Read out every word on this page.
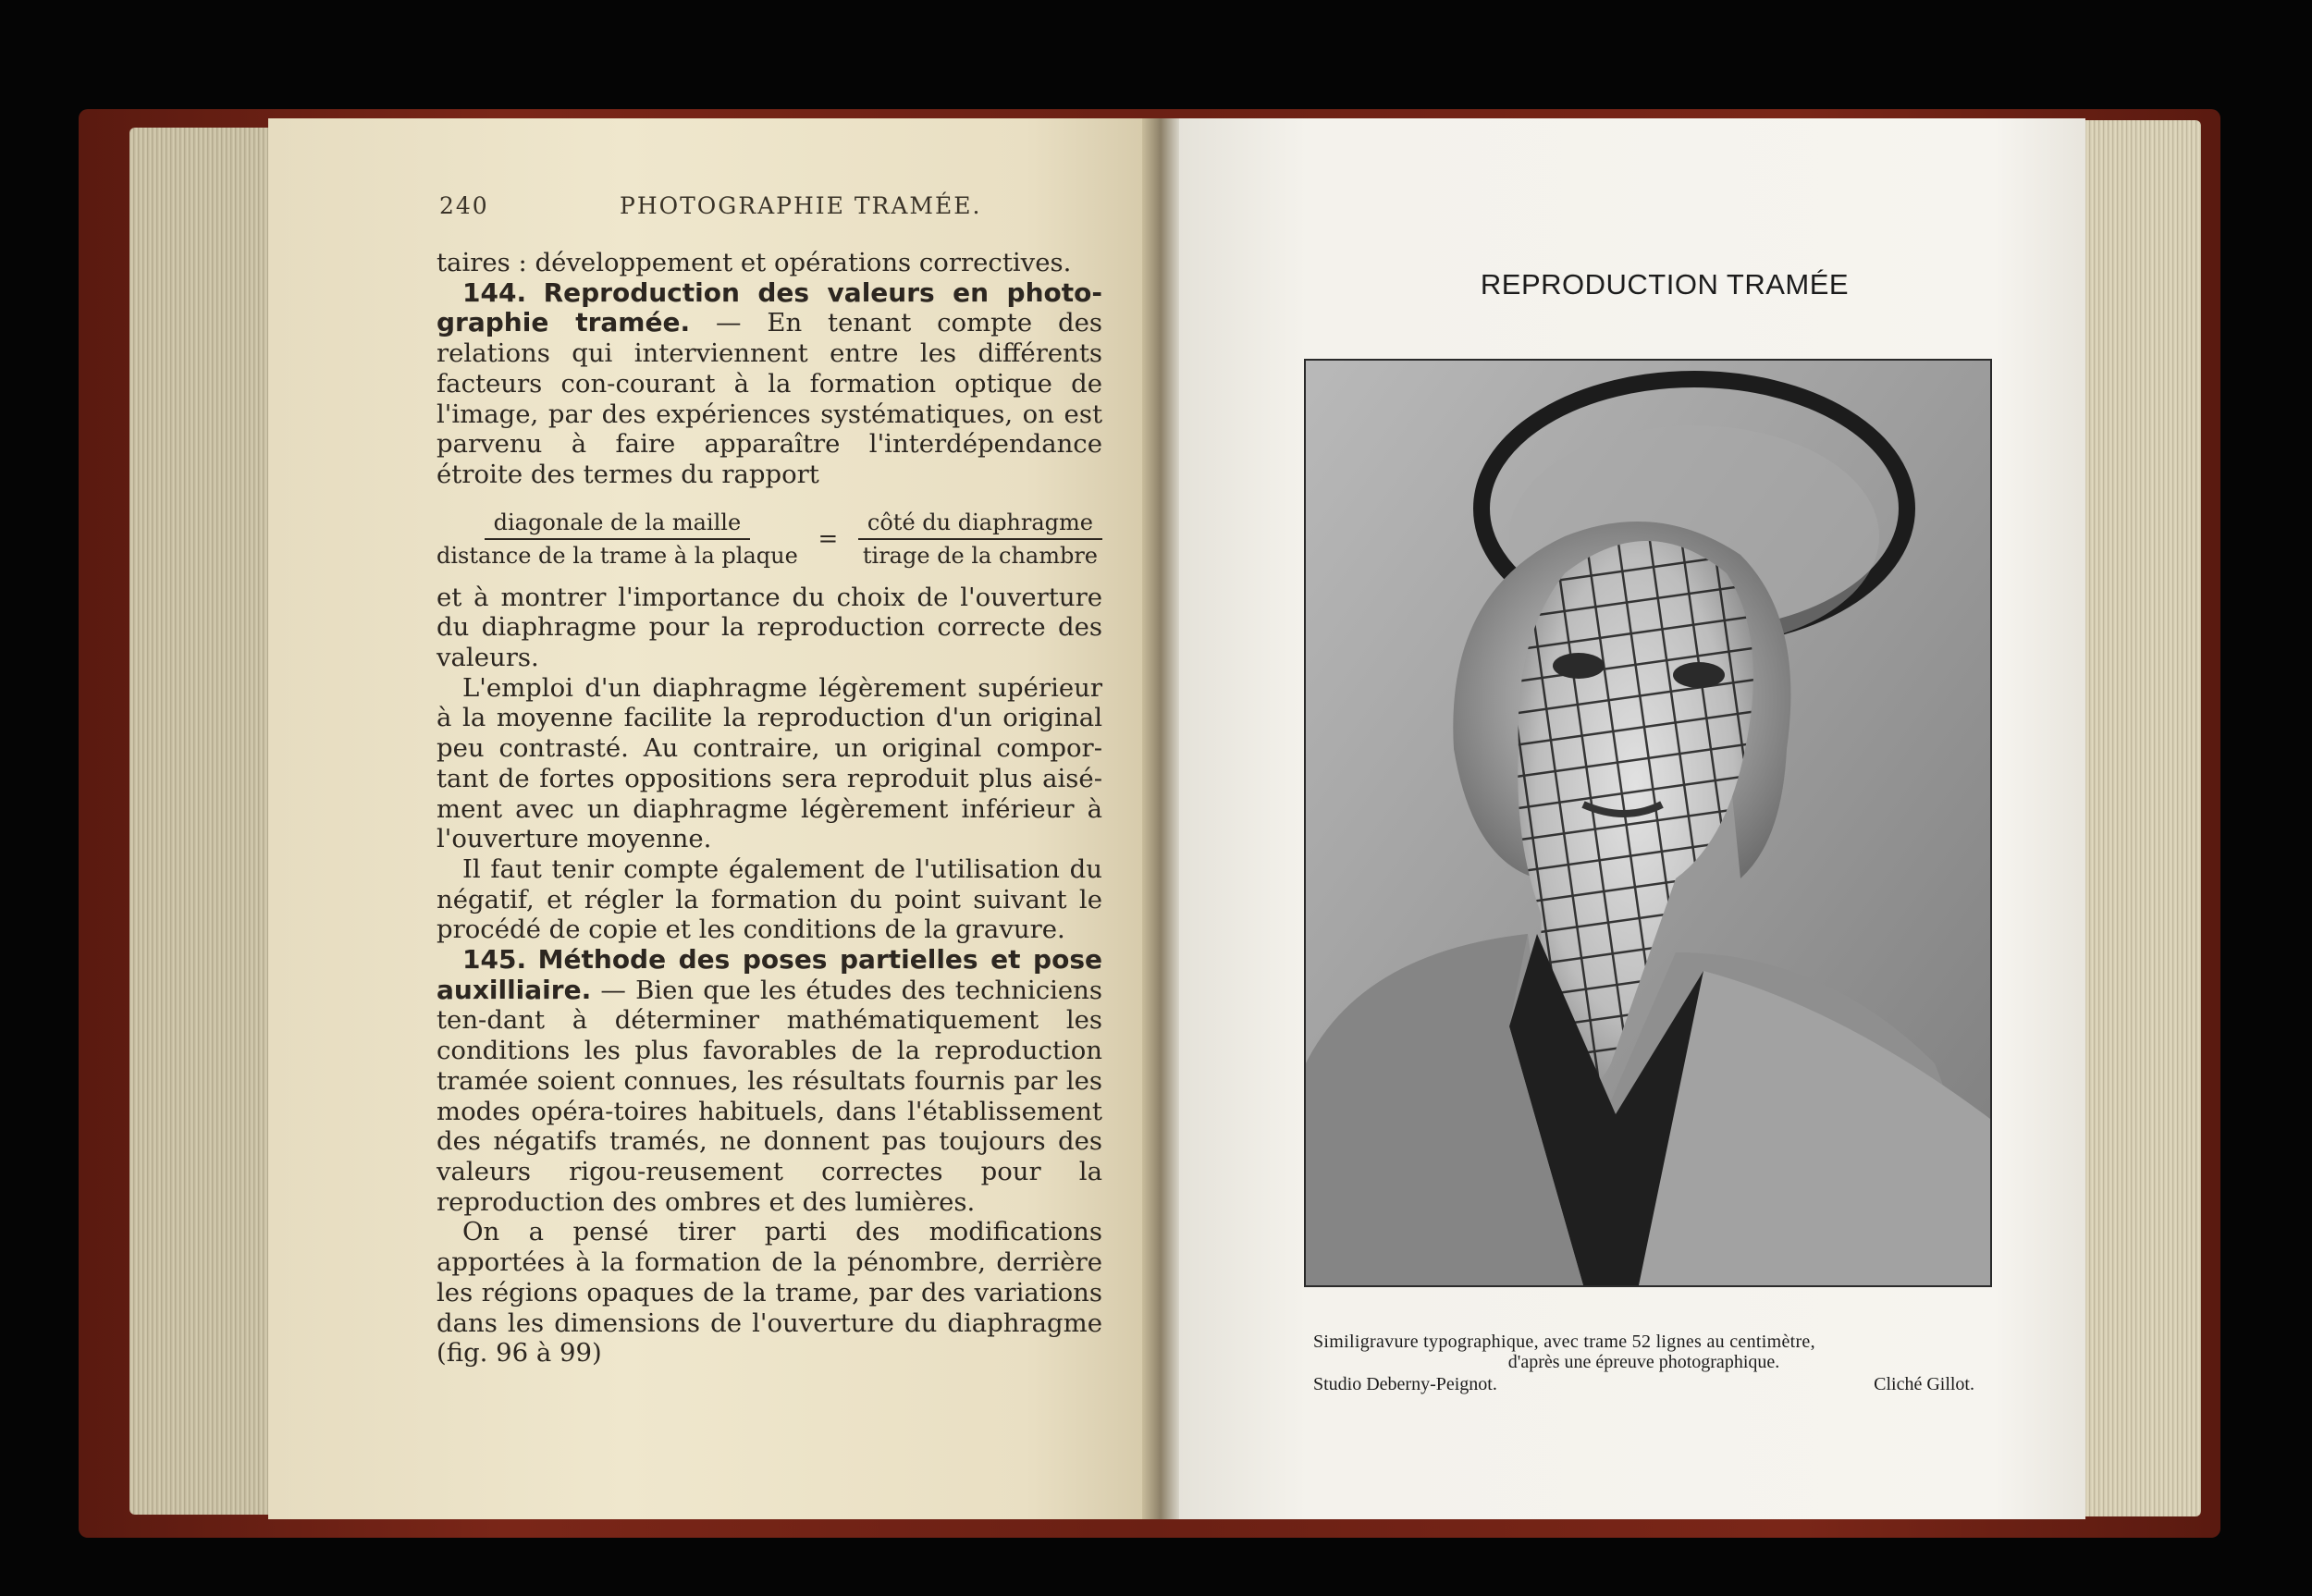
240	PHOTOGRAPHIE TRAMÉE.

taires : développement et opérations correctives.

144. Reproduction des valeurs en photo-graphie tramée. — En tenant compte des relations qui interviennent entre les différents facteurs con-courant à la formation optique de l'image, par des expériences systématiques, on est parvenu à faire apparaître l'interdépendance étroite des termes du rapport

$\frac{\text{diagonale de la maille}}{\text{distance de la trame à la plaque}} = \frac{\text{côté du diaphragme}}{\text{tirage de la chambre}}$

et à montrer l'importance du choix de l'ouverture du diaphragme pour la reproduction correcte des valeurs.

L'emploi d'un diaphragme légèrement supérieur à la moyenne facilite la reproduction d'un original peu contrasté. Au contraire, un original compor-tant de fortes oppositions sera reproduit plus aisé-ment avec un diaphragme légèrement inférieur à l'ouverture moyenne.

Il faut tenir compte également de l'utilisation du négatif, et régler la formation du point suivant le procédé de copie et les conditions de la gravure.

145. Méthode des poses partielles et pose auxilliaire. — Bien que les études des techniciens ten-dant à déterminer mathématiquement les conditions les plus favorables de la reproduction tramée soient connues, les résultats fournis par les modes opéra-toires habituels, dans l'établissement des négatifs tramés, ne donnent pas toujours des valeurs rigou-reusement correctes pour la reproduction des ombres et des lumières.

On a pensé tirer parti des modifications apportées à la formation de la pénombre, derrière les régions opaques de la trame, par des variations dans les dimensions de l'ouverture du diaphragme (fig. 96 à 99)

REPRODUCTION TRAMÉE
Similigravure typographique, avec trame 52 lignes au centimètre,
d'après une épreuve photographique.
Studio Deberny-Peignot.	Cliché Gillot.
